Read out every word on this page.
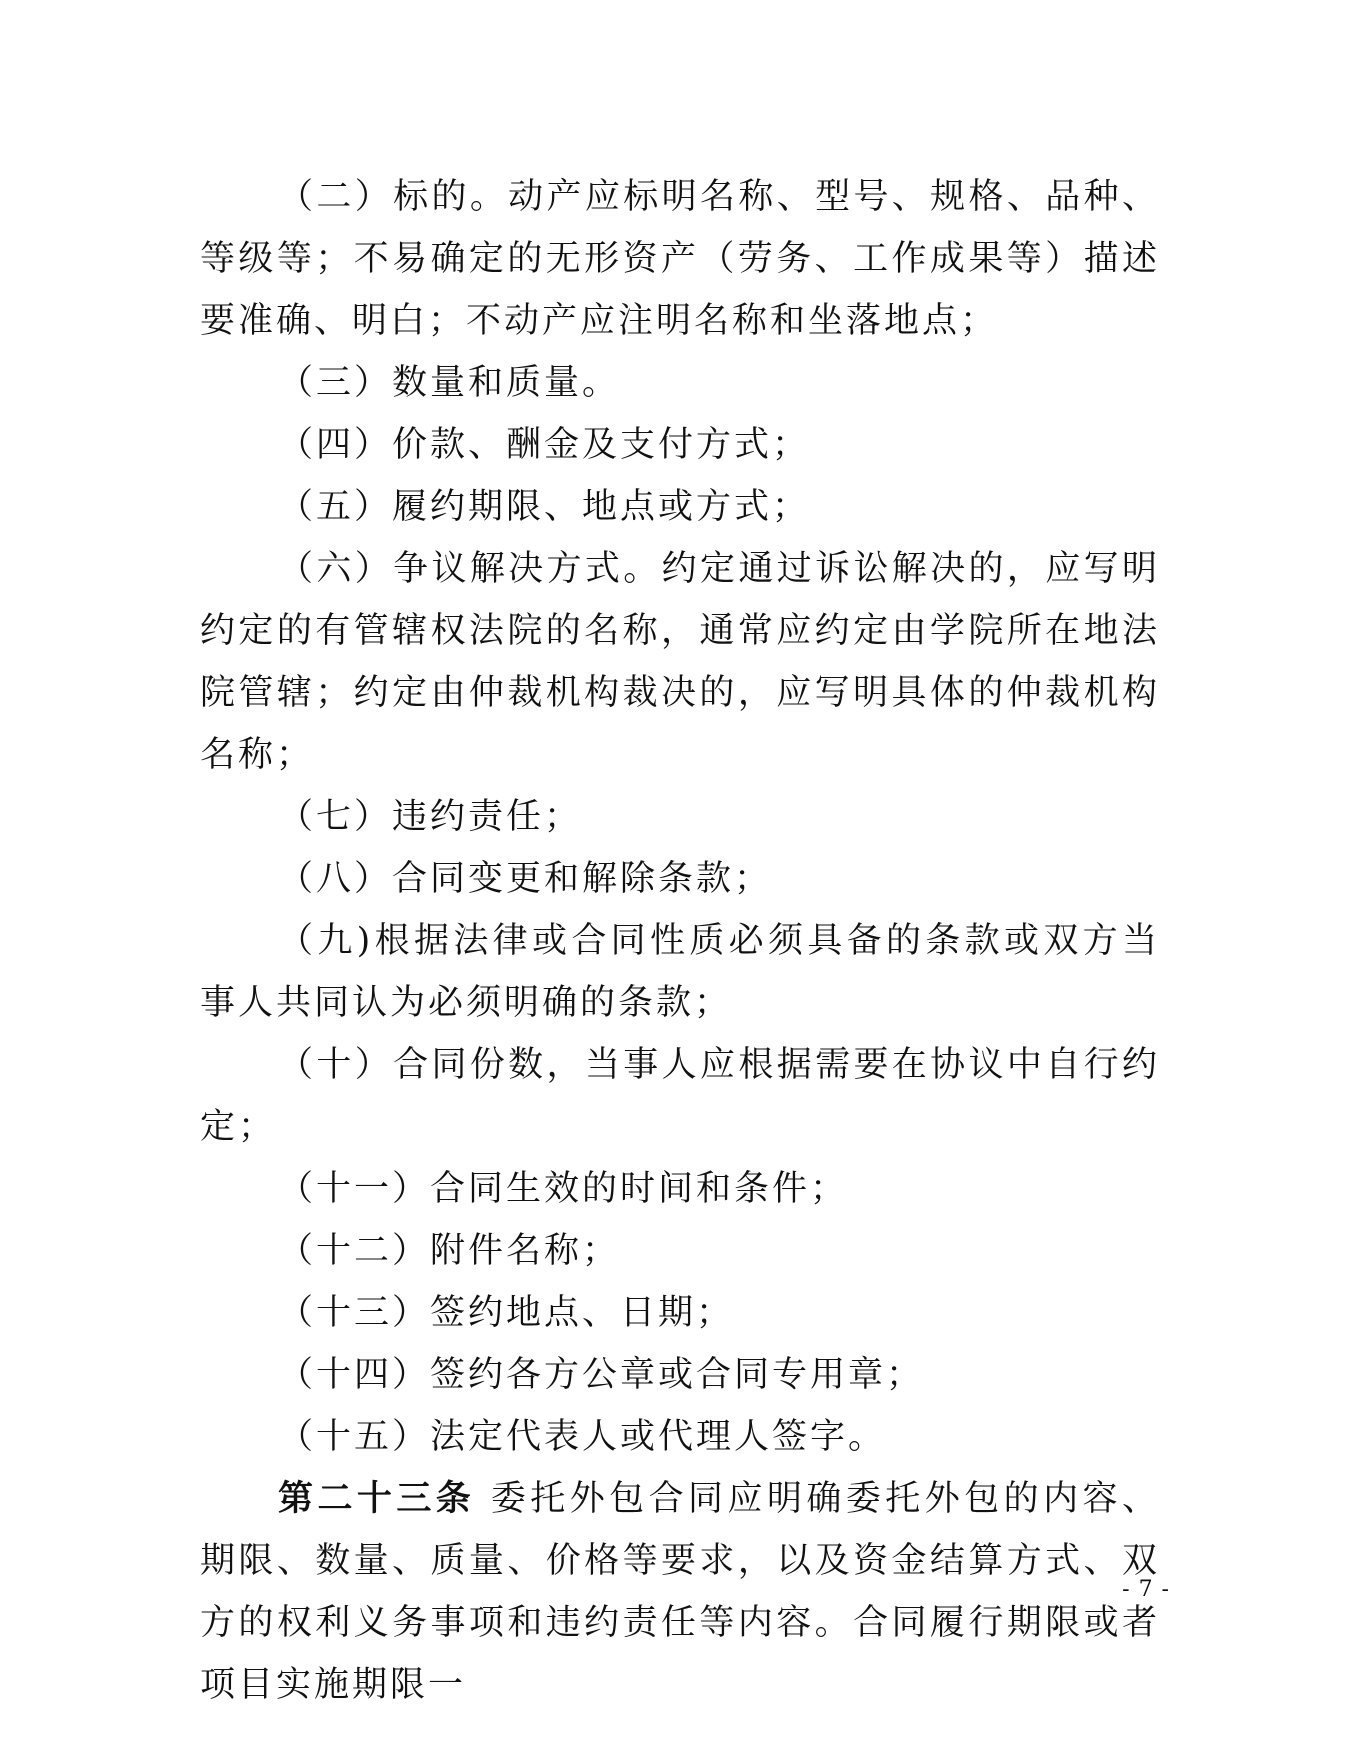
（二）标的。动产应标明名称、型号、规格、品种、等级等；不易确定的无形资产（劳务、工作成果等）描述要准确、明白；不动产应注明名称和坐落地点；

（三）数量和质量。

（四）价款、酬金及支付方式；

（五）履约期限、地点或方式；

（六）争议解决方式。约定通过诉讼解决的，应写明约定的有管辖权法院的名称，通常应约定由学院所在地法院管辖；约定由仲裁机构裁决的，应写明具体的仲裁机构名称；

（七）违约责任；

（八）合同变更和解除条款；

（九)根据法律或合同性质必须具备的条款或双方当事人共同认为必须明确的条款；

（十）合同份数，当事人应根据需要在协议中自行约定；

（十一）合同生效的时间和条件；

（十二）附件名称；

（十三）签约地点、日期；

（十四）签约各方公章或合同专用章；

（十五）法定代表人或代理人签字。

第二十三条 委托外包合同应明确委托外包的内容、期限、数量、质量、价格等要求，以及资金结算方式、双方的权利义务事项和违约责任等内容。合同履行期限或者项目实施期限一

- 7 -
